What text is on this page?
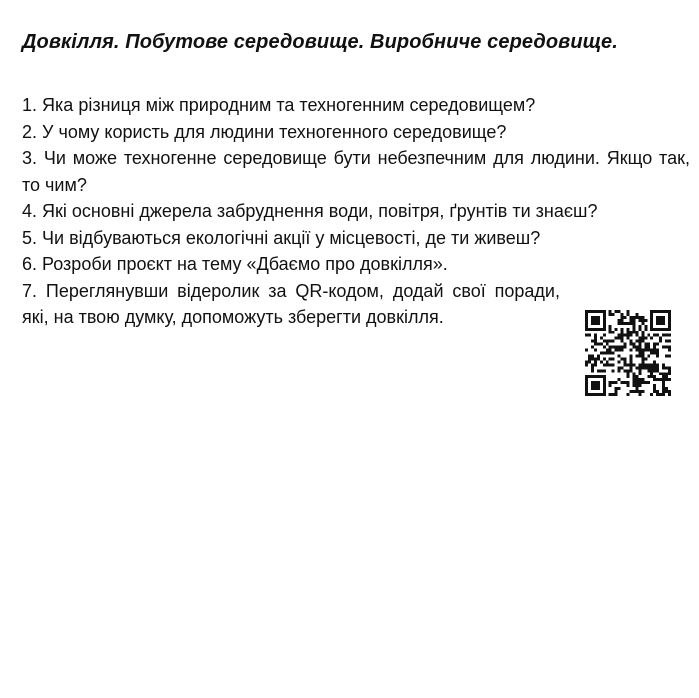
Довкілля. Побутове середовище. Виробниче середовище.
1. Яка різниця між природним та техногенним середовищем?
2. У чому користь для людини техногенного середовище?
3. Чи може техногенне середовище бути небезпечним для людини. Якщо так, то чим?
4. Які основні джерела забруднення води, повітря, ґрунтів ти знаєш?
5. Чи відбуваються екологічні акції у місцевості, де ти живеш?
6. Розроби проєкт на тему «Дбаємо про довкілля».
7. Переглянувши відеролик за QR-кодом, додай свої поради, які, на твою думку, допоможуть зберегти довкілля.
